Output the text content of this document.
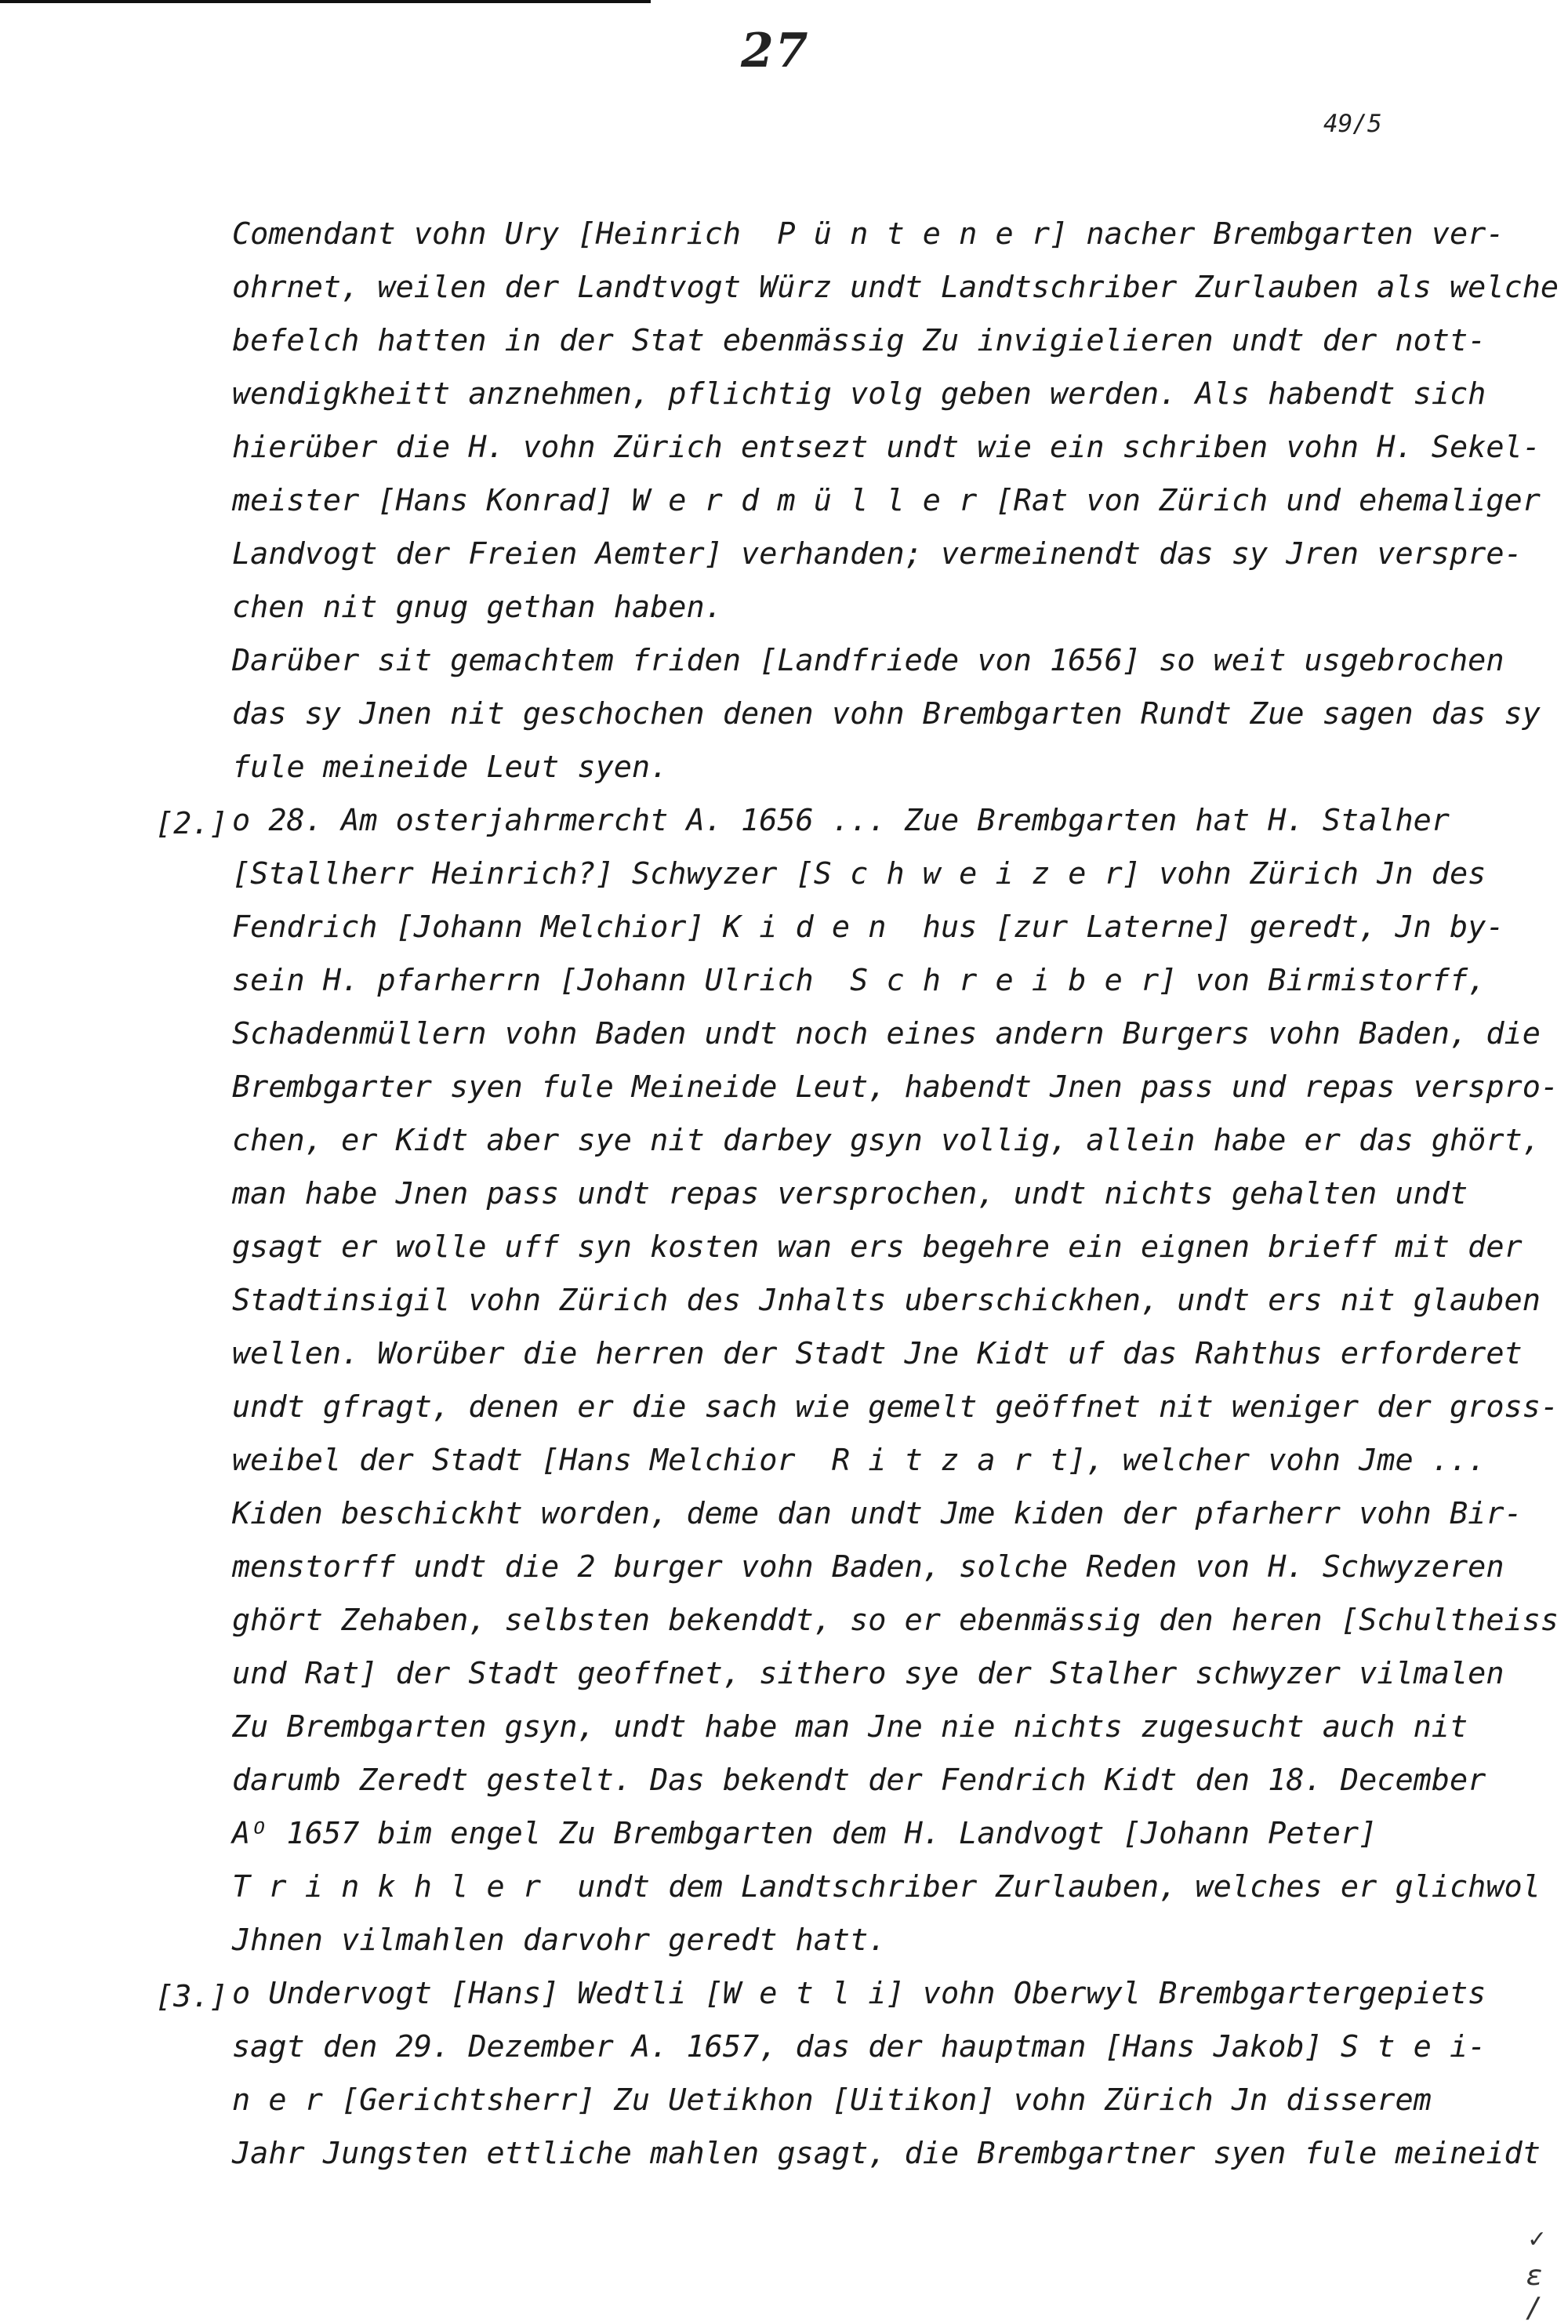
27
49/5
Comendant vohn Ury [Heinrich  P ü n t e n e r] nacher Brembgarten ver-
ohrnet, weilen der Landtvogt Würz undt Landtschriber Zurlauben als welche
befelch hatten in der Stat ebenmässig Zu invigielieren undt der nott-
wendigkheitt anznehmen, pflichtig volg geben werden. Als habendt sich
hierüber die H. vohn Zürich entsezt undt wie ein schriben vohn H. Sekel-
meister [Hans Konrad] W e r d m ü l l e r [Rat von Zürich und ehemaliger
Landvogt der Freien Aemter] verhanden; vermeinendt das sy Jren verspre-
chen nit gnug gethan haben.
Darüber sit gemachtem friden [Landfriede von 1656] so weit usgebrochen
das sy Jnen nit geschochen denen vohn Brembgarten Rundt Zue sagen das sy
fule meineide Leut syen.
[2.] o 28. Am osterjahrmercht A. 1656 ... Zue Brembgarten hat H. Stalher
[Stallherr Heinrich?] Schwyzer [S c h w e i z e r] vohn Zürich Jn des
Fendrich [Johann Melchior] K i d e n  hus [zur Laterne] geredt, Jn by-
sein H. pfarherrn [Johann Ulrich  S c h r e i b e r] von Birmistorff,
Schadenmüllern vohn Baden undt noch eines andern Burgers vohn Baden, die
Brembgarter syen fule Meineide Leut, habendt Jnen pass und repas verspro-
chen, er Kidt aber sye nit darbey gsyn vollig, allein habe er das ghört,
man habe Jnen pass undt repas versprochen, undt nichts gehalten undt
gsagt er wolle uff syn kosten wan ers begehre ein eignen brieff mit der
Stadtinsigil vohn Zürich des Jnhalts uberschickhen, undt ers nit glauben
wellen. Worüber die herren der Stadt Jne Kidt uf das Rahthus erforderet
undt gfragt, denen er die sach wie gemelt geöffnet nit weniger der gross-
weibel der Stadt [Hans Melchior  R i t z a r t], welcher vohn Jme ...
Kiden beschickht worden, deme dan undt Jme kiden der pfarherr vohn Bir-
menstorff undt die 2 burger vohn Baden, solche Reden von H. Schwyzeren
ghört Zehaben, selbsten bekenddt, so er ebenmässig den heren [Schultheiss
und Rat] der Stadt geoffnet, sithero sye der Stalher schwyzer vilmalen
Zu Brembgarten gsyn, undt habe man Jne nie nichts zugesucht auch nit
darumb Zeredt gestelt. Das bekendt der Fendrich Kidt den 18. December
Aᴼ 1657 bim engel Zu Brembgarten dem H. Landvogt [Johann Peter]
T r i n k h l e r  undt dem Landtschriber Zurlauben, welches er glichwol
Jhnen vilmahlen darvohr geredt hatt.
[3.] o Undervogt [Hans] Wedtli [W e t l i] vohn Oberwyl Brembgartergepiets
sagt den 29. Dezember A. 1657, das der hauptman [Hans Jakob] S t e i-
n e r [Gerichtsherr] Zu Uetikhon [Uitikon] vohn Zürich Jn disserem
Jahr Jungsten ettliche mahlen gsagt, die Brembgartner syen fule meineidt
✓
ɛ /
